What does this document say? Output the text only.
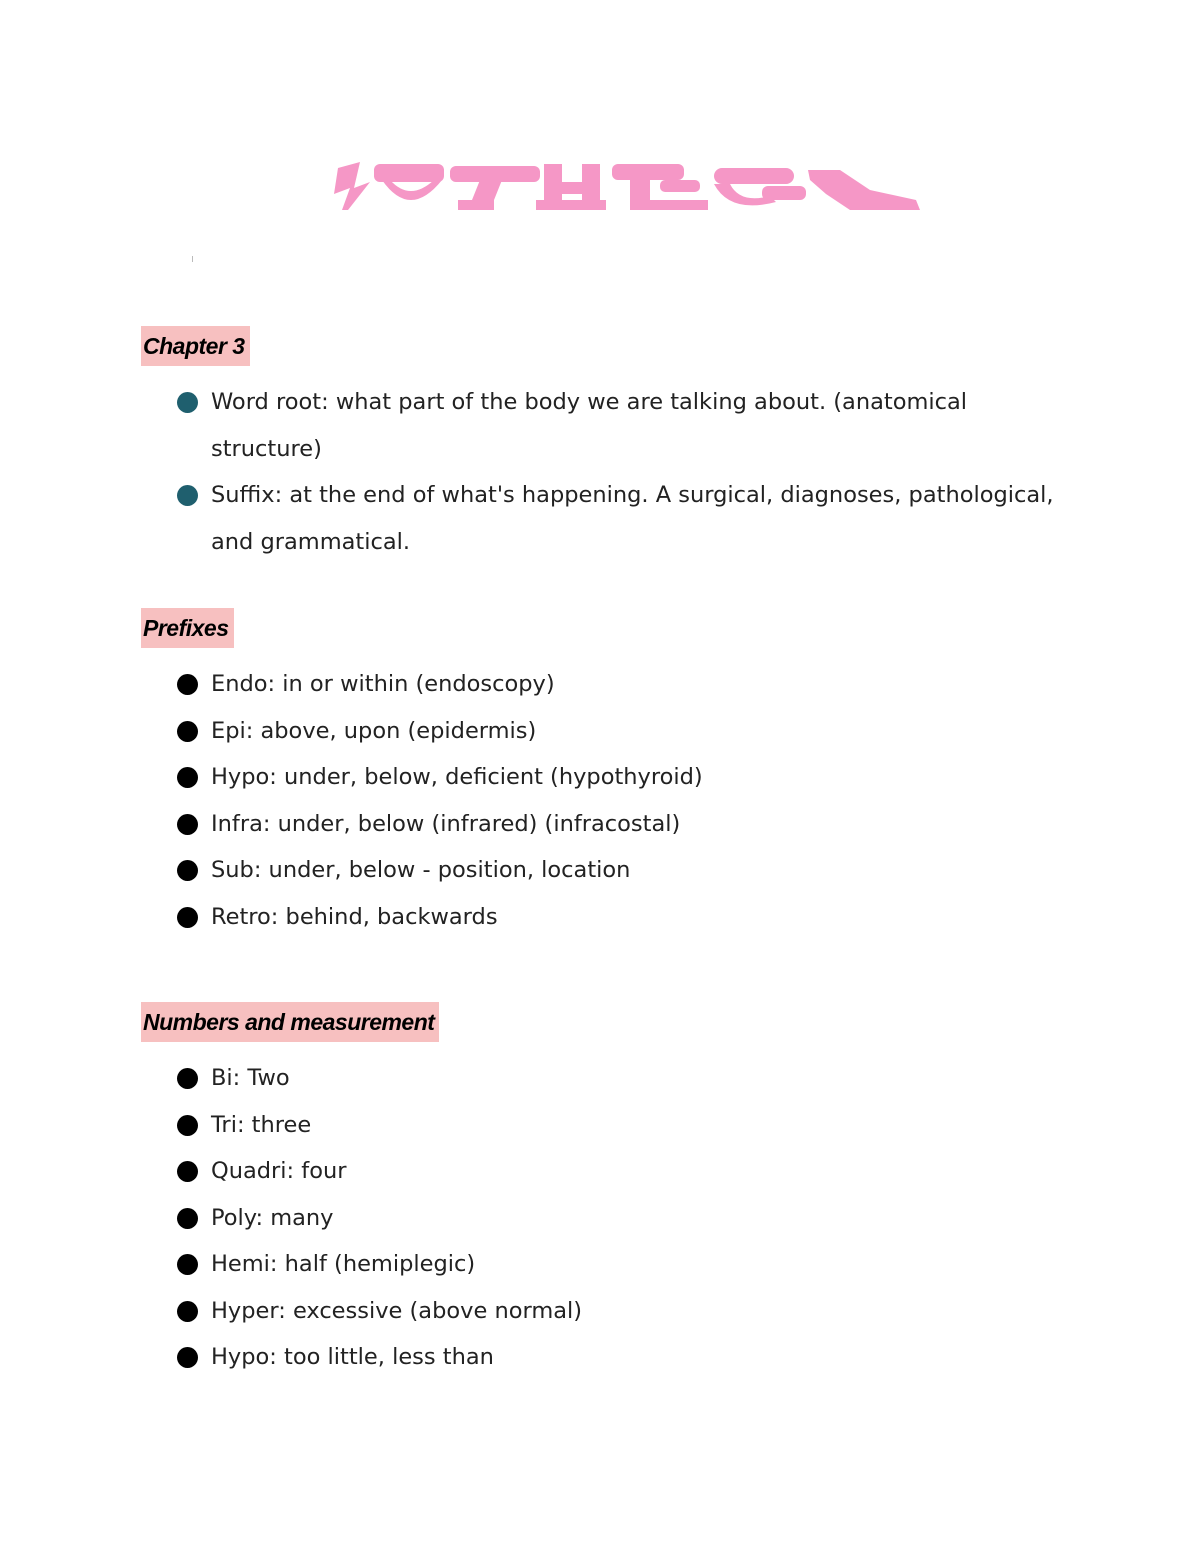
Chapter 3
Word root: what part of the body we are talking about. (anatomical structure)
Suffix: at the end of what's happening. A surgical, diagnoses, pathological, and grammatical.
Prefixes
Endo: in or within (endoscopy)
Epi: above, upon (epidermis)
Hypo: under, below, deficient (hypothyroid)
Infra: under, below (infrared) (infracostal)
Sub: under, below - position, location
Retro: behind, backwards
Numbers and measurement
Bi: Two
Tri: three
Quadri: four
Poly: many
Hemi: half (hemiplegic)
Hyper: excessive (above normal)
Hypo: too little, less than
